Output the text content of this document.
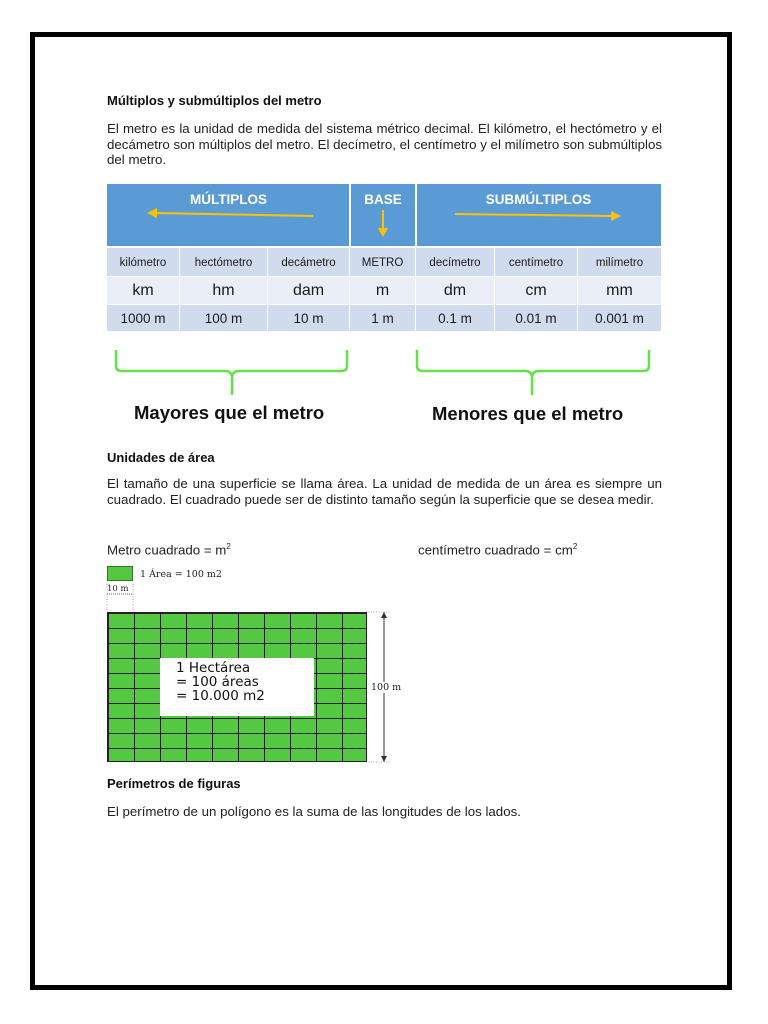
Múltiplos y submúltiplos del metro
El metro es la unidad de medida del sistema métrico decimal. El kilómetro, el hectómetro y el decámetro son múltiplos del metro. El decímetro, el centímetro y el milímetro son submúltiplos del metro.
MÚLTIPLOS	BASE	SUBMÚLTIPLOS
kilómetro	hectómetro	decámetro	METRO	decímetro	centímetro	milímetro
km	hm	dam	m	dm	cm	mm
1000 m	100 m	10 m	1 m	0.1 m	0.01 m	0.001 m
Mayores que el metro	Menores que el metro
Unidades de área
El tamaño de una superficie se llama área. La unidad de medida de un área es siempre un cuadrado. El cuadrado puede ser de distinto tamaño según la superficie que se desea medir.
Metro cuadrado = $m^2$	centímetro cuadrado = $cm^2$
1 Área = 100 m2
10 m
1 Hectárea
= 100 áreas
= 10.000 m2
100 m
Perímetros de figuras
El perímetro de un polígono es la suma de las longitudes de los lados.
